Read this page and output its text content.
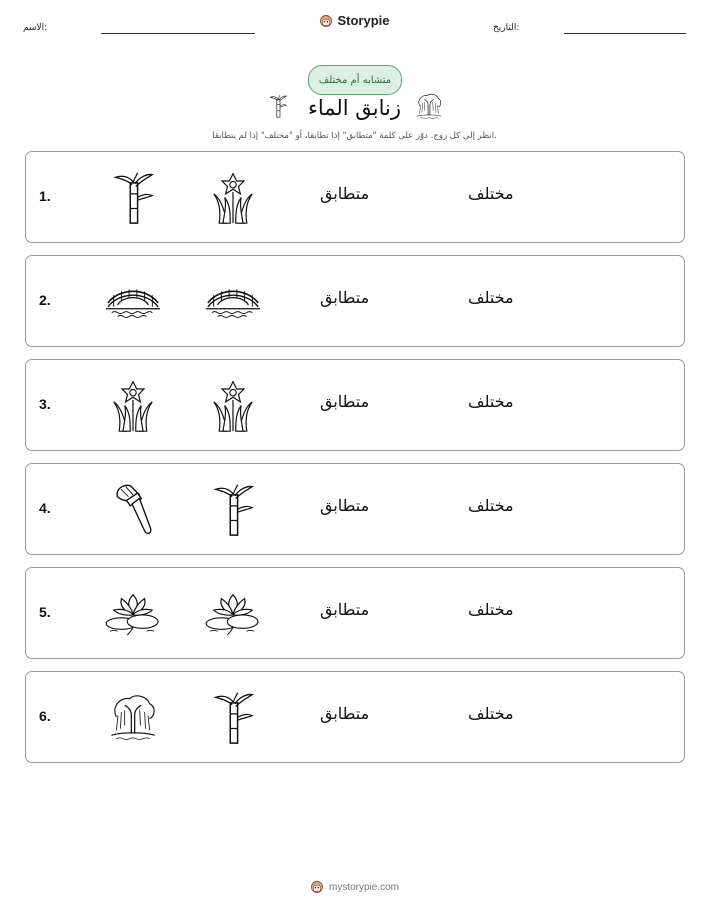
الاسم:	Storypie	التاريخ:
متشابه أم مختلف
زنابق الماء
انظر إلى كل زوج. دوّر على كلمة "متطابق" إذا تطابقا، أو "مختلف" إذا لم يتطابقا.
1.	متطابق	مختلف
2.	متطابق	مختلف
3.	متطابق	مختلف
4.	متطابق	مختلف
5.	متطابق	مختلف
6.	متطابق	مختلف
mystorypie.com
